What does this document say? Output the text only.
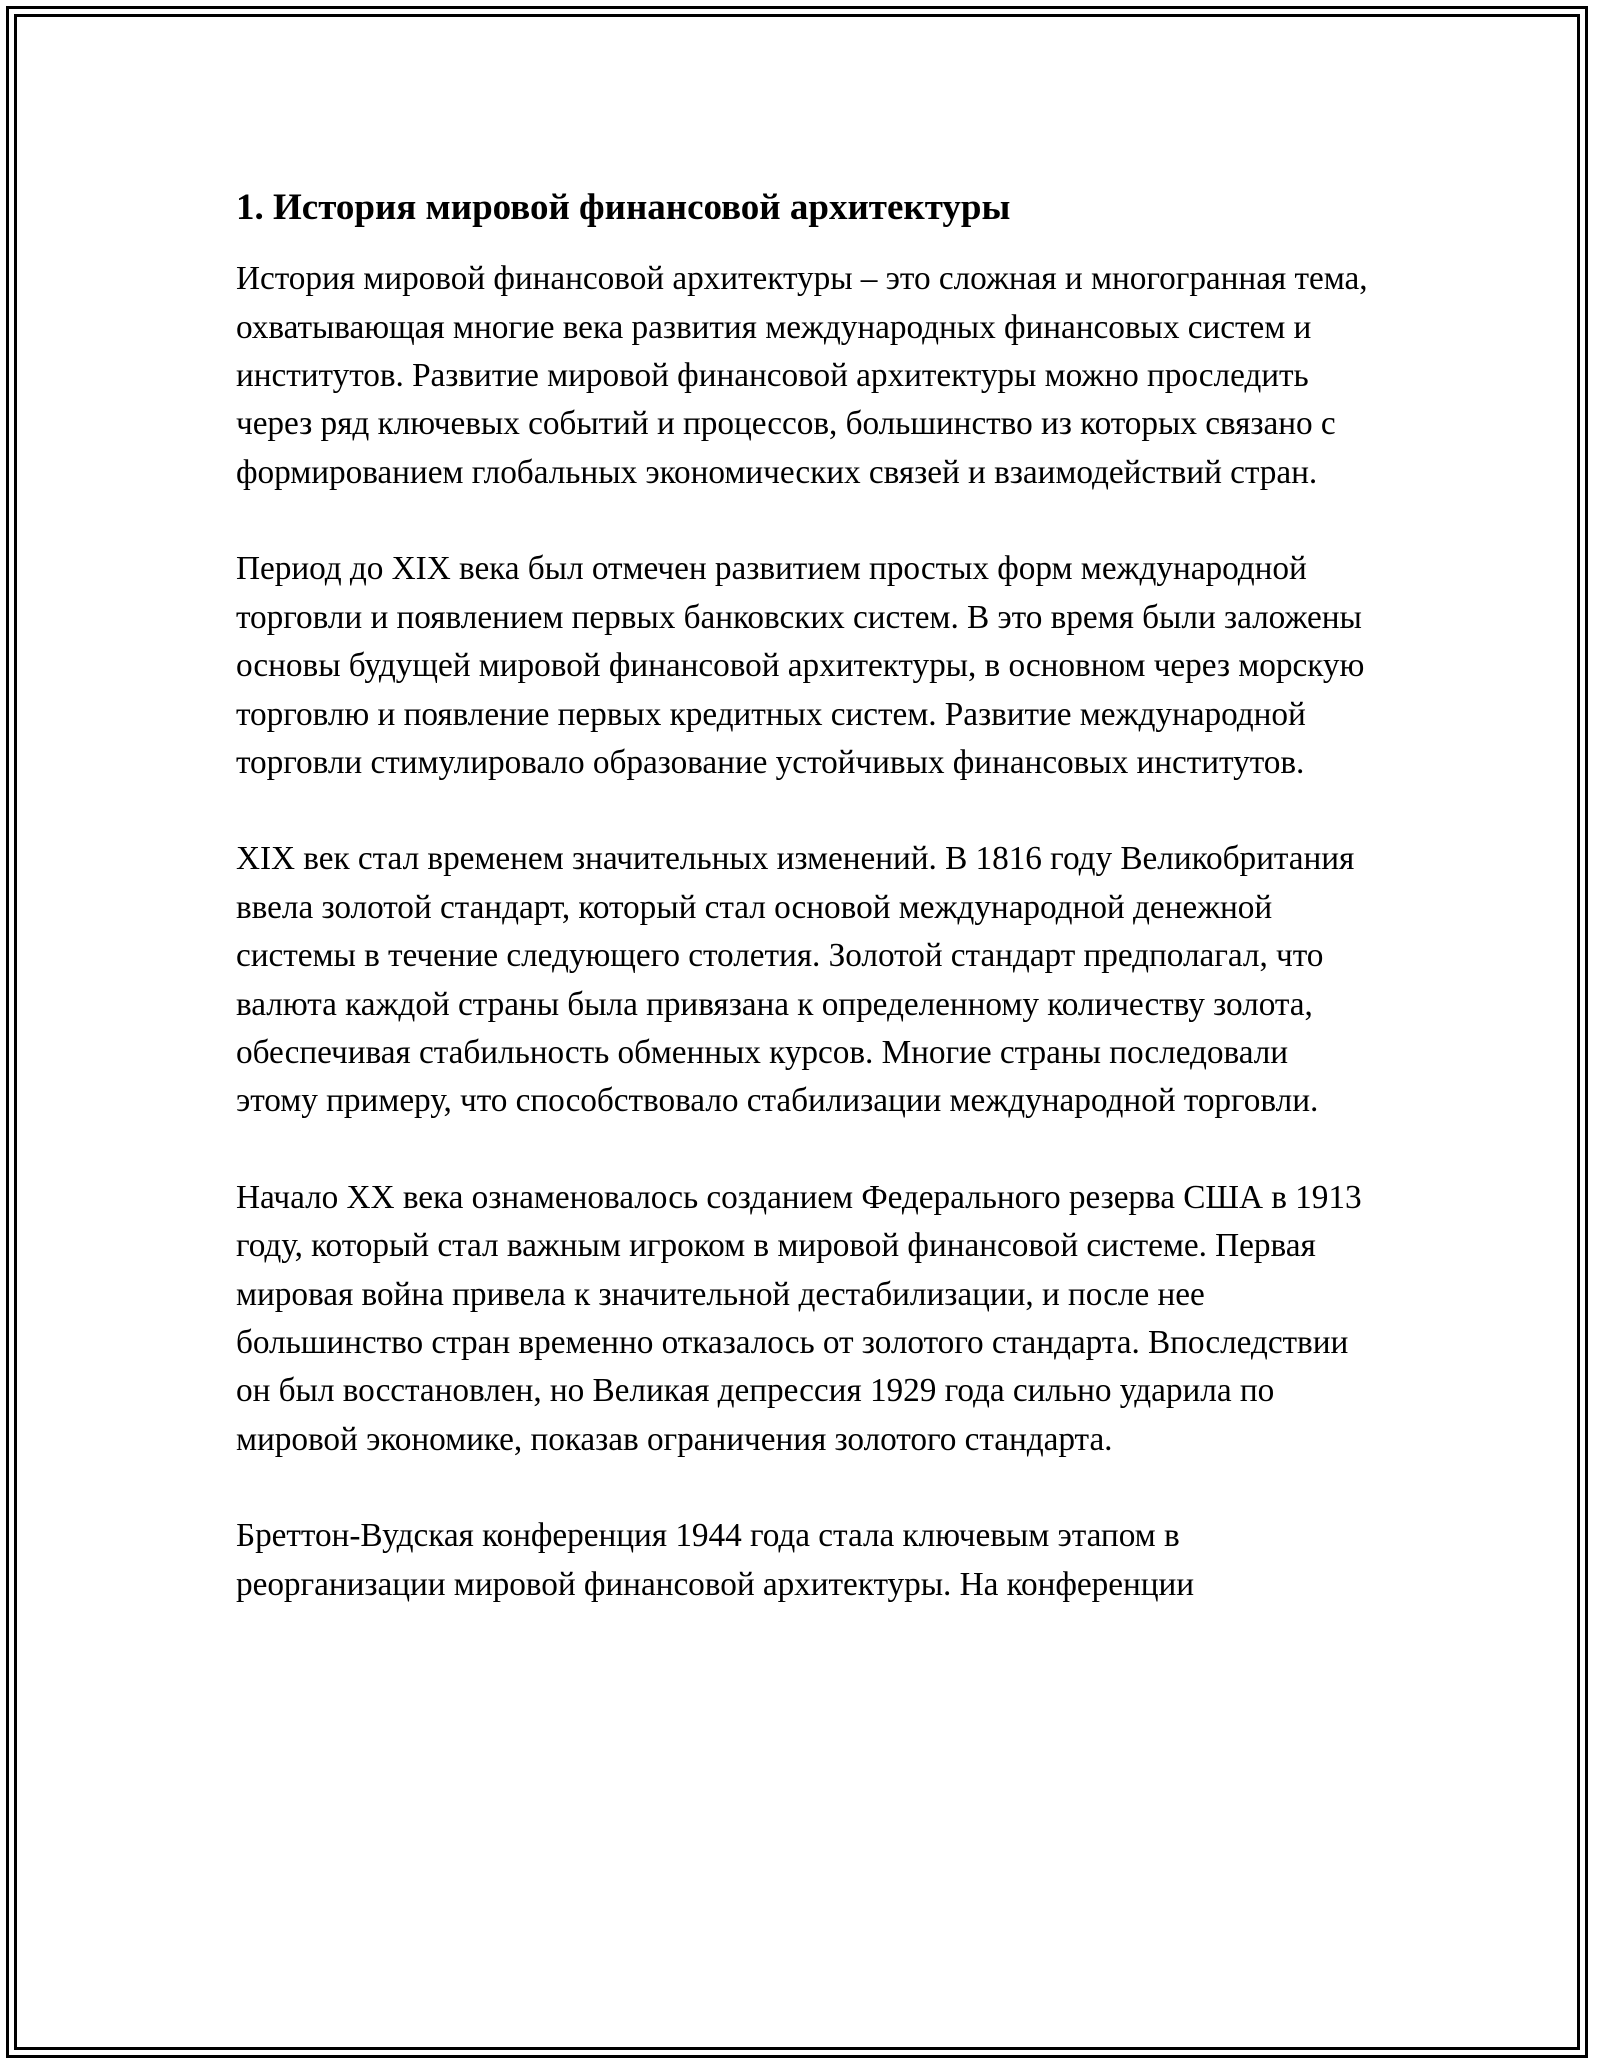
1. История мировой финансовой архитектуры

История мировой финансовой архитектуры – это сложная и многогранная тема, охватывающая многие века развития международных финансовых систем и институтов. Развитие мировой финансовой архитектуры можно проследить через ряд ключевых событий и процессов, большинство из которых связано с формированием глобальных экономических связей и взаимодействий стран.

Период до XIX века был отмечен развитием простых форм международной торговли и появлением первых банковских систем. В это время были заложены основы будущей мировой финансовой архитектуры, в основном через морскую торговлю и появление первых кредитных систем. Развитие международной торговли стимулировало образование устойчивых финансовых институтов.

XIX век стал временем значительных изменений. В 1816 году Великобритания ввела золотой стандарт, который стал основой международной денежной системы в течение следующего столетия. Золотой стандарт предполагал, что валюта каждой страны была привязана к определенному количеству золота, обеспечивая стабильность обменных курсов. Многие страны последовали этому примеру, что способствовало стабилизации международной торговли.

Начало XX века ознаменовалось созданием Федерального резерва США в 1913 году, который стал важным игроком в мировой финансовой системе. Первая мировая война привела к значительной дестабилизации, и после нее большинство стран временно отказалось от золотого стандарта. Впоследствии он был восстановлен, но Великая депрессия 1929 года сильно ударила по мировой экономике, показав ограничения золотого стандарта.

Бреттон-Вудская конференция 1944 года стала ключевым этапом в реорганизации мировой финансовой архитектуры. На конференции
